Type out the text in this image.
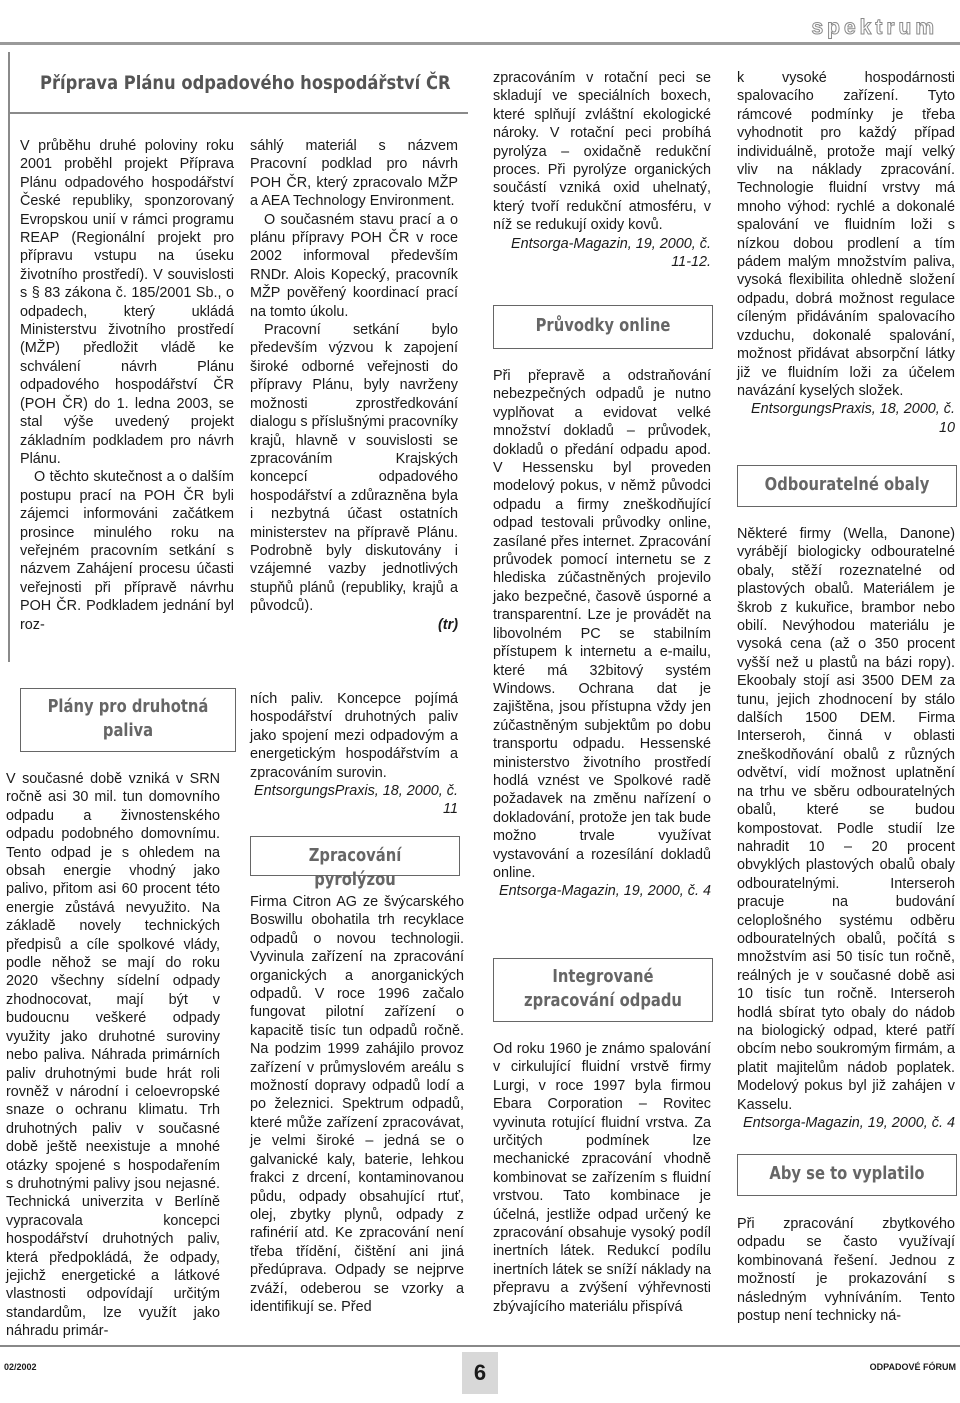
spektrum
Příprava Plánu odpadového hospodářství ČR

V průběhu druhé poloviny roku 2001 proběhl projekt Příprava Plánu odpadového hospodářství České republiky, sponzorovaný Evropskou unií v rámci programu REAP (Regionální projekt pro přípravu vstupu na úseku životního prostředí). V souvislosti s § 83 zákona č. 185/2001 Sb., o odpadech, který ukládá Ministerstvu životního prostředí (MŽP) předložit vládě ke schválení návrh Plánu odpadového hospodářství ČR (POH ČR) do 1. ledna 2003, se stal výše uvedený projekt základním podkladem pro návrh Plánu.

O těchto skutečnost a o dalším postupu prací na POH ČR byli zájemci informováni začátkem prosince minulého roku na veřejném pracovním setkání s názvem Zahájení procesu účasti veřejnosti při přípravě návrhu POH ČR. Podkladem jednání byl roz-

sáhlý materiál s názvem Pracovní podklad pro návrh POH ČR, který zpracovalo MŽP a AEA Technology Environment.

O současném stavu prací a o plánu přípravy POH ČR v roce 2002 informoval především RNDr. Alois Kopecký, pracovník MŽP pověřený koordinací prací na tomto úkolu.

Pracovní setkání bylo především výzvou k zapojení široké odborné veřejnosti do přípravy Plánu, byly navrženy možnosti zprostředkování dialogu s příslušnými pracovníky krajů, hlavně v souvislosti se zpracováním Krajských koncepcí odpadového hospodářství a zdůrazněna byla i nezbytná účast ostatních ministerstev na přípravě Plánu. Podrobně byly diskutovány i vzájemné vazby jednotlivých stupňů plánů (republiky, krajů a původců).

(tr)

Plány pro druhotná paliva

V současné době vzniká v SRN ročně asi 30 mil. tun domovního odpadu a živnostenského odpadu podobného domovnímu. Tento odpad je s ohledem na obsah energie vhodný jako palivo, přitom asi 60 procent této energie zůstává nevyužito. Na základě novely technických předpisů a cíle spolkové vlády, podle něhož se mají do roku 2020 všechny sídelní odpady zhodnocovat, mají být v budoucnu veškeré odpady využity jako druhotné suroviny nebo paliva. Náhrada primárních paliv druhotnými bude hrát roli rovněž v národní i celoevropské snaze o ochranu klimatu. Trh druhotných paliv v současné době ještě neexistuje a mnohé otázky spojené s hospodařením s druhotnými palivy jsou nejasné. Technická univerzita v Berlíně vypracovala koncepci hospodářství druhotných paliv, která předpokládá, že odpady, jejichž energetické a látkové vlastnosti odpovídají určitým standardům, lze využít jako náhradu primár-

ních paliv. Koncepce pojímá hospodářství druhotných paliv jako spojení mezi odpadovým a energetickým hospodářstvím a zpracováním surovin.

EntsorgungsPraxis, 18, 2000, č. 11

Zpracování pyrolýzou

Firma Citron AG ze švýcarského Boswillu obohatila trh recyklace odpadů o novou technologii. Vyvinula zařízení na zpracování organických a anorganických odpadů. V roce 1996 začalo fungovat pilotní zařízení o kapacitě tisíc tun odpadů ročně. Na podzim 1999 zahájilo provoz zařízení v průmyslovém areálu s možností dopravy odpadů lodí a po železnici. Spektrum odpadů, které může zařízení zpracovávat, je velmi široké – jedná se o galvanické kaly, baterie, lehkou frakci z drcení, kontaminovanou půdu, odpady obsahující rtuť, olej, zbytky plynů, odpady z rafinérií atd. Ke zpracování není třeba třídění, čištění ani jiná předúprava. Odpady se nejprve zváží, odeberou se vzorky a identifikují se. Před

zpracováním v rotační peci se skladují ve speciálních boxech, které splňují zvláštní ekologické nároky. V rotační peci probíhá pyrolýza – oxidačně redukční proces. Při pyrolýze organických součástí vzniká oxid uhelnatý, který tvoří redukční atmosféru, v níž se redukují oxidy kovů.

Entsorga-Magazin, 19, 2000, č. 11-12.

Průvodky online

Při přepravě a odstraňování nebezpečných odpadů je nutno vyplňovat a evidovat velké množství dokladů – průvodek, dokladů o předání odpadu apod. V Hessensku byl proveden modelový pokus, v němž původci odpadu a firmy zneškodňující odpad testovali průvodky online, zasílané přes internet. Zpracování průvodek pomocí internetu se z hlediska zúčastněných projevilo jako bezpečné, časově úsporné a transparentní. Lze je provádět na libovolném PC se stabilním přístupem k internetu a e-mailu, které má 32bitový systém Windows. Ochrana dat je zajištěna, jsou přístupna vždy jen zúčastněným subjektům po dobu transportu odpadu. Hessenské ministerstvo životního prostředí hodlá vznést ve Spolkové radě požadavek na změnu nařízení o dokladování, protože jen tak bude možno trvale využívat vystavování a rozesílání dokladů online.

Entsorga-Magazin, 19, 2000, č. 4

Integrované zpracování odpadu

Od roku 1960 je známo spalování v cirkulující fluidní vrstvě firmy Lurgi, v roce 1997 byla firmou Ebara Corporation – Rovitec vyvinuta rotující fluidní vrstva. Za určitých podmínek lze mechanické zpracování vhodně kombinovat se zařízením s fluidní vrstvou. Tato kombinace je účelná, jestliže odpad určený ke zpracování obsahuje vysoký podíl inertních látek. Redukcí podílu inertních látek se sníží náklady na přepravu a zvýšení výhřevnosti zbývajícího materiálu přispívá

k vysoké hospodárnosti spalovacího zařízení. Tyto rámcové podmínky je třeba vyhodnotit pro každý případ individuálně, protože mají velký vliv na náklady zpracování. Technologie fluidní vrstvy má mnoho výhod: rychlé a dokonalé spalování ve fluidním loži s nízkou dobou prodlení a tím pádem malým množstvím paliva, vysoká flexibilita ohledně složení odpadu, dobrá možnost regulace cíleným přidáváním spalovacího vzduchu, dokonalé spalování, možnost přidávat absorpční látky již ve fluidním loži za účelem navázání kyselých složek.

EntsorgungsPraxis, 18, 2000, č. 10

Odbouratelné obaly

Některé firmy (Wella, Danone) vyrábějí biologicky odbouratelné obaly, stěží rozeznatelné od plastových obalů. Materiálem je škrob z kukuřice, brambor nebo obilí. Nevýhodou materiálu je vysoká cena (až o 350 procent vyšší než u plastů na bázi ropy). Ekoobaly stojí asi 3500 DEM za tunu, jejich zhodnocení by stálo dalších 1500 DEM. Firma Interseroh, činná v oblasti zneškodňování obalů z různých odvětví, vidí možnost uplatnění na trhu ve sběru odbouratelných obalů, které se budou kompostovat. Podle studií lze nahradit 10 – 20 procent obvyklých plastových obalů obaly odbouratelnými. Interseroh pracuje na budování celoplošného systému odběru odbouratelných obalů, počítá s množstvím asi 50 tisíc tun ročně, reálných je v současné době asi 10 tisíc tun ročně. Interseroh hodlá sbírat tyto obaly do nádob na biologický odpad, které patří obcím nebo soukromým firmám, a platit majitelům nádob poplatek. Modelový pokus byl již zahájen v Kasselu.

Entsorga-Magazin, 19, 2000, č. 4

Aby se to vyplatilo

Při zpracování zbytkového odpadu se často využívají kombinovaná řešení. Jednou z možností je prokazování s následným vyhníváním. Tento postup není technicky ná-

02/2002	6	ODPADOVÉ FÓRUM
